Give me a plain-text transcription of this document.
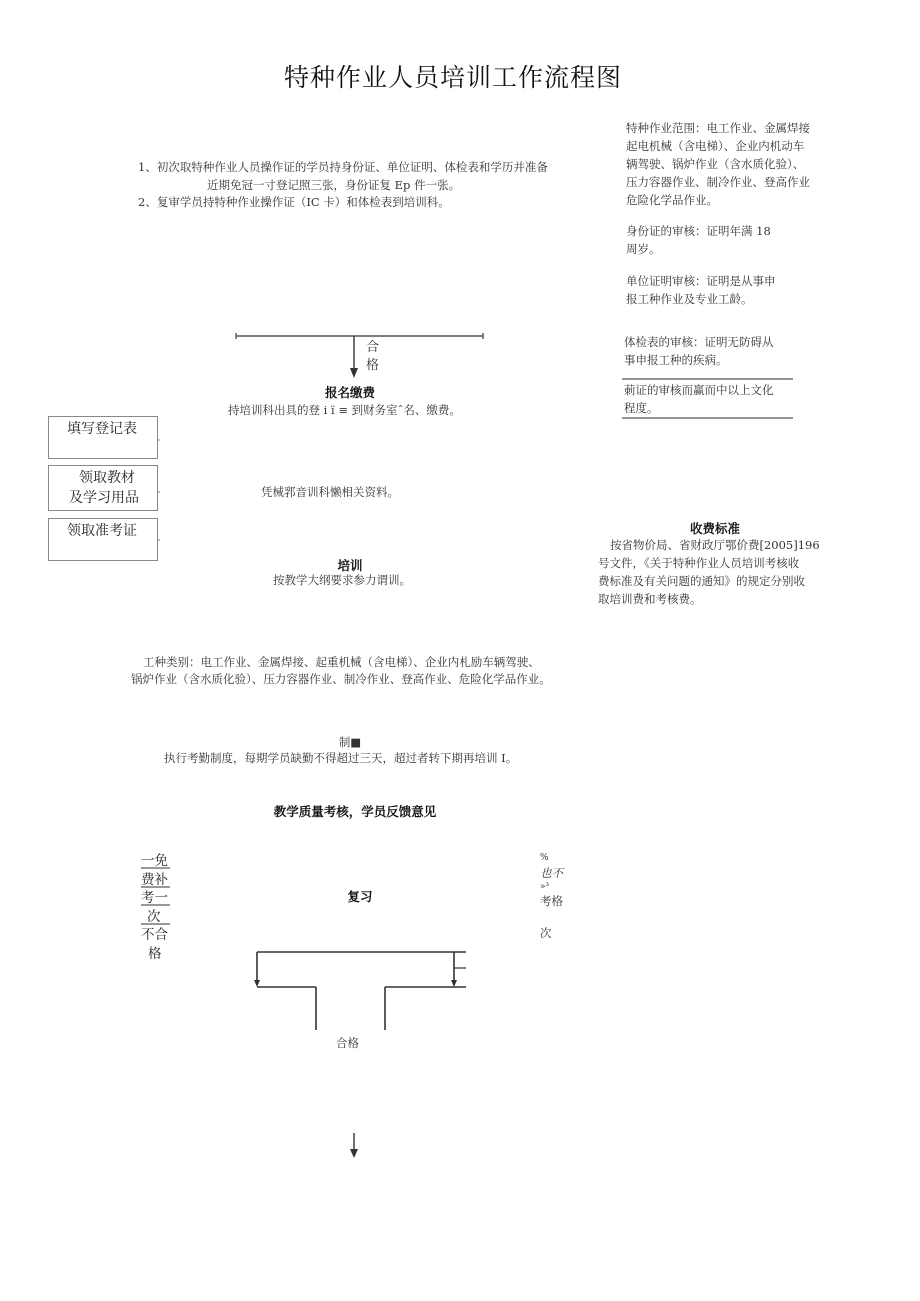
特种作业人员培训工作流程图
1、初次取特种作业人员操作证的学员持身份证、单位证明、体检表和学历并准备
近期免冠一寸登记照三张，身份证复 Ep 件一张。
2、复审学员持特种作业操作证（IC 卡）和体检表到培训科。
合
格
报名缴费
持培训科出具的登 i ï ≡ 到财务室ˆ名、缴费。
填写登记表
领取教材
及学习用品
领取准考证
凭械郛音训科懒相关资料。
培训
按教学大纲要求参力谓训。
工种类别：电工作业、金属焊接、起重机械（含电梯）、企业内札励车辆驾驶、
锅炉作业（含水质化验）、压力容器作业、制冷作业、登高作业、危险化学品作业。
制■
执行考勤制度，每期学员缺勤不得超过三天，超过者转下期再培训 I。
教学质量考核，学员反馈意见
一免
费补
考一
次
不合
格
复习
%
也不
»³
考格
次
合格
特种作业范围：电工作业、金属焊接
起电机械（含电梯）、企业内机动车
辆驾驶、锅炉作业（含水质化验）、
压力容器作业、制冷作业、登高作业
危险化学品作业。
身份证的审核：证明年满 18
周岁。
单位证明审核：证明是从事申
报工种作业及专业工龄。
体检表的审核：证明无防碍从
事申报工种的疾病。
莿证的审核而赢而中以上文化
程度。
收费标准
按省物价局、省财政厅鄂价费[2005]196
号文件，《关于特种作业人员培训考核收
费标准及有关问题的通知》的规定分别收
取培训费和考核费。
